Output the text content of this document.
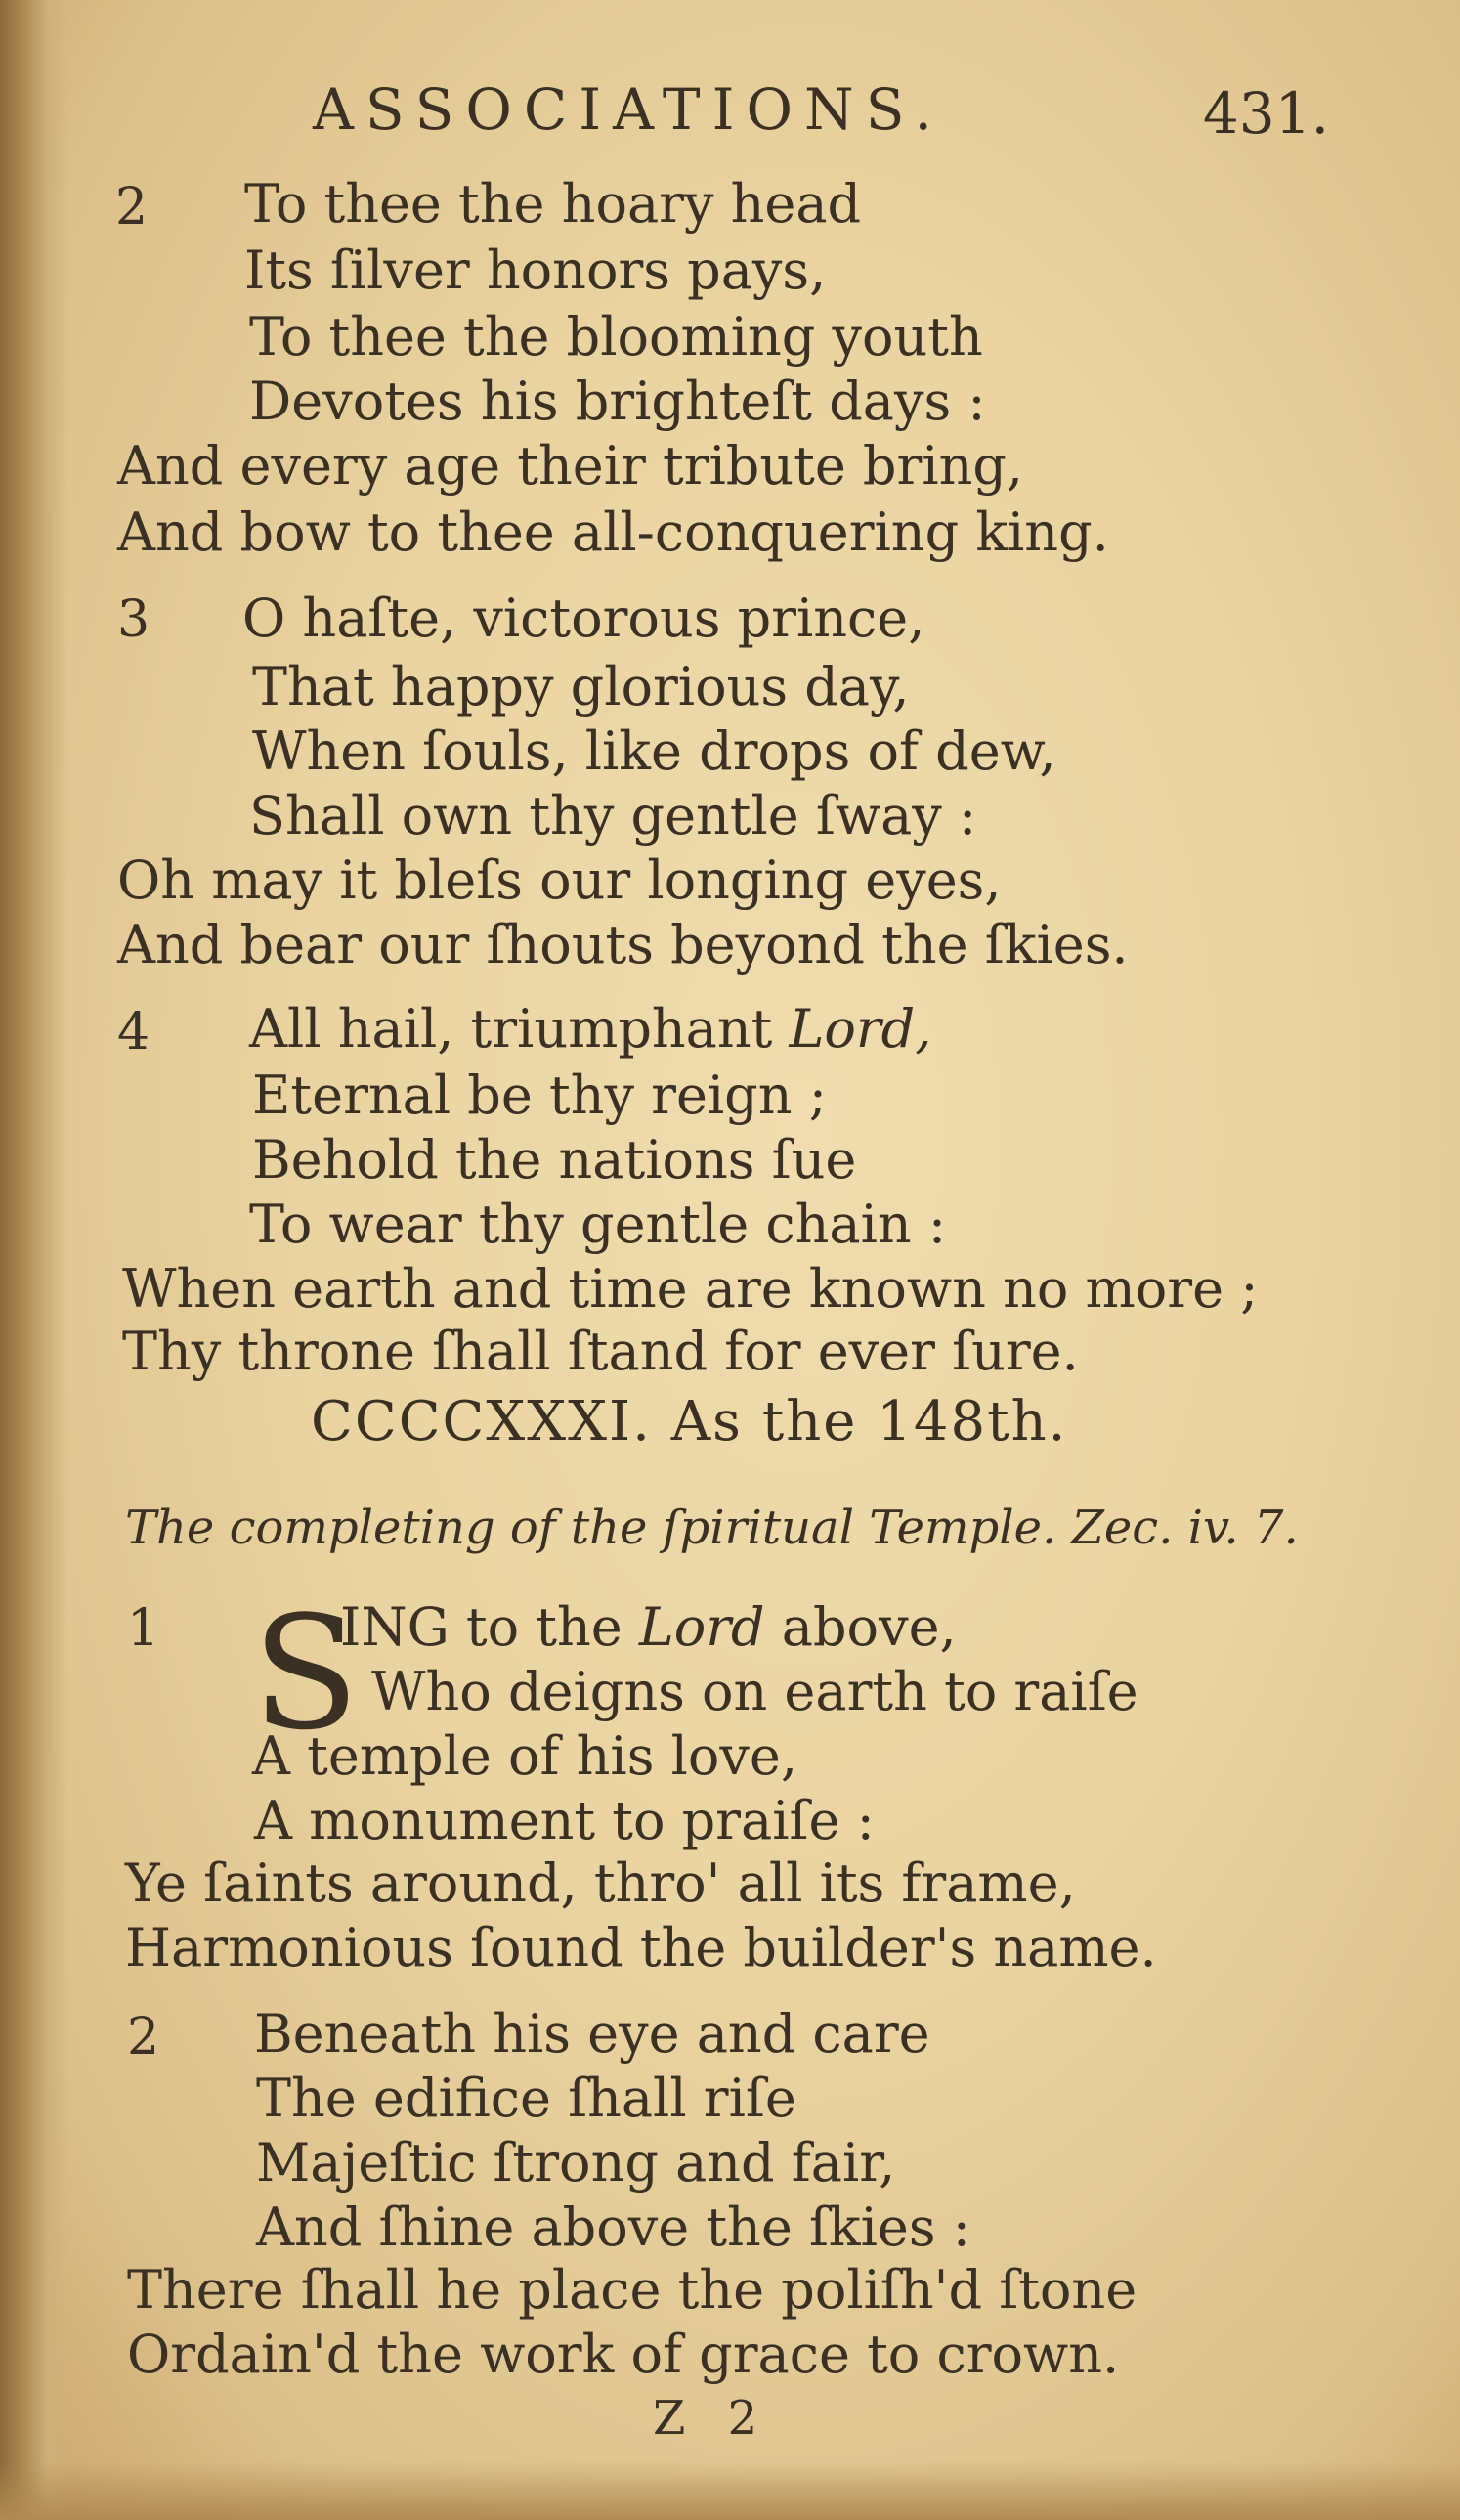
ASSOCIATIONS.	431.
2 To thee the hoary head
Its ſilver honors pays,
To thee the blooming youth
Devotes his brighteſt days :
And every age their tribute bring,
And bow to thee all-conquering king.
3 O haſte, victorous prince,
That happy glorious day,
When ſouls, like drops of dew,
Shall own thy gentle ſway :
Oh may it bleſs our longing eyes,
And bear our ſhouts beyond the ſkies.
4 All hail, triumphant Lord,
Eternal be thy reign ;
Behold the nations ſue
To wear thy gentle chain :
When earth and time are known no more ;
Thy throne ſhall ſtand for ever ſure.
CCCCXXXI. As the 148th.
The completing of the ſpiritual Temple. Zec. iv. 7.
1 S
ING to the Lord above,
Who deigns on earth to raiſe
A temple of his love,
A monument to praiſe :
Ye ſaints around, thro' all its frame,
Harmonious ſound the builder's name.
2 Beneath his eye and care
The edifice ſhall riſe
Majeſtic ſtrong and fair,
And ſhine above the ſkies :
There ſhall he place the poliſh'd ſtone
Ordain'd the work of grace to crown.
Z 2
